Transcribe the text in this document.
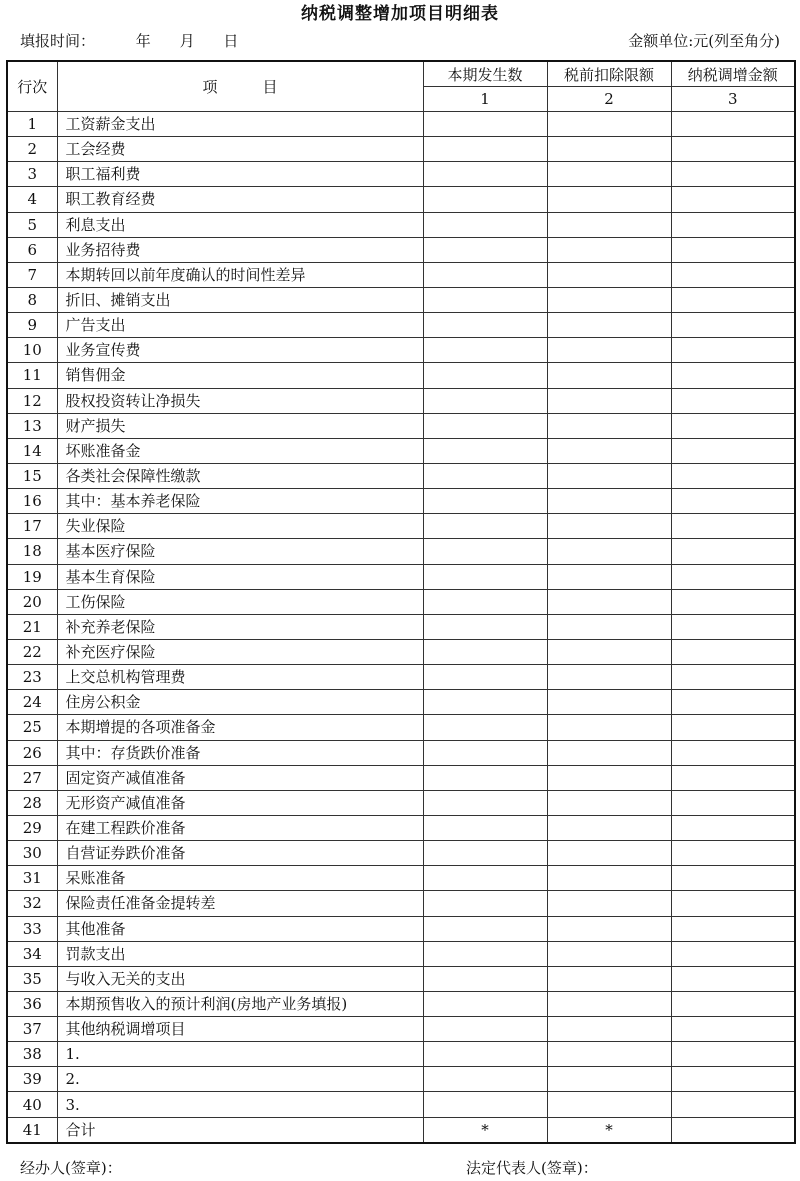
纳税调整增加项目明细表
填报时间：	年 月 日	金额单位:元(列至角分)
行次	项　　　目	本期发生数	税前扣除限额	纳税调增金额
		1	2	3
1	工资薪金支出			
2	工会经费			
3	职工福利费			
4	职工教育经费			
5	利息支出			
6	业务招待费			
7	本期转回以前年度确认的时间性差异			
8	折旧、摊销支出			
9	广告支出			
10	业务宣传费			
11	销售佣金			
12	股权投资转让净损失			
13	财产损失			
14	坏账准备金			
15	各类社会保障性缴款			
16	其中：基本养老保险			
17	失业保险			
18	基本医疗保险			
19	基本生育保险			
20	工伤保险			
21	补充养老保险			
22	补充医疗保险			
23	上交总机构管理费			
24	住房公积金			
25	本期增提的各项准备金			
26	其中：存货跌价准备			
27	固定资产减值准备			
28	无形资产减值准备			
29	在建工程跌价准备			
30	自营证券跌价准备			
31	呆账准备			
32	保险责任准备金提转差			
33	其他准备			
34	罚款支出			
35	与收入无关的支出			
36	本期预售收入的预计利润(房地产业务填报)			
37	其他纳税调增项目			
38	1.			
39	2.			
40	3.			
41	合计	*	*	
经办人(签章)：	法定代表人(签章)：
